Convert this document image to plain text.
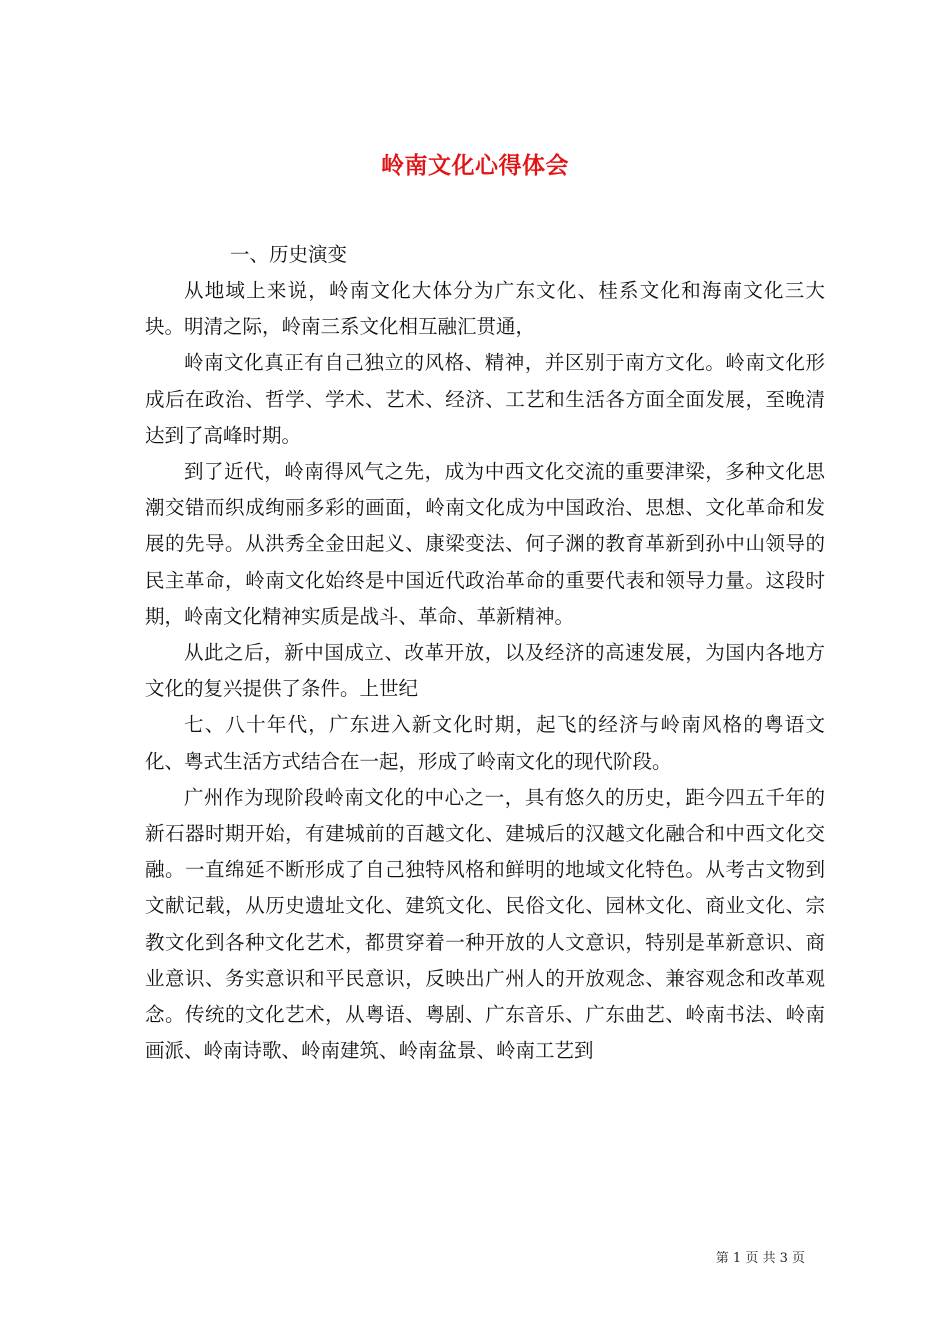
岭南文化心得体会

一、历史演变

从地域上来说，岭南文化大体分为广东文化、桂系文化和海南文化三大块。明清之际，岭南三系文化相互融汇贯通，

岭南文化真正有自己独立的风格、精神，并区别于南方文化。岭南文化形成后在政治、哲学、学术、艺术、经济、工艺和生活各方面全面发展，至晚清达到了高峰时期。

到了近代，岭南得风气之先，成为中西文化交流的重要津梁，多种文化思潮交错而织成绚丽多彩的画面，岭南文化成为中国政治、思想、文化革命和发展的先导。从洪秀全金田起义、康梁变法、何子渊的教育革新到孙中山领导的民主革命，岭南文化始终是中国近代政治革命的重要代表和领导力量。这段时期，岭南文化精神实质是战斗、革命、革新精神。

从此之后，新中国成立、改革开放，以及经济的高速发展，为国内各地方文化的复兴提供了条件。上世纪

七、八十年代，广东进入新文化时期，起飞的经济与岭南风格的粤语文化、粤式生活方式结合在一起，形成了岭南文化的现代阶段。

广州作为现阶段岭南文化的中心之一，具有悠久的历史，距今四五千年的新石器时期开始，有建城前的百越文化、建城后的汉越文化融合和中西文化交融。一直绵延不断形成了自己独特风格和鲜明的地域文化特色。从考古文物到文献记载，从历史遗址文化、建筑文化、民俗文化、园林文化、商业文化、宗教文化到各种文化艺术，都贯穿着一种开放的人文意识，特别是革新意识、商业意识、务实意识和平民意识，反映出广州人的开放观念、兼容观念和改革观念。传统的文化艺术，从粤语、粤剧、广东音乐、广东曲艺、岭南书法、岭南画派、岭南诗歌、岭南建筑、岭南盆景、岭南工艺到

第 1 页 共 3 页
